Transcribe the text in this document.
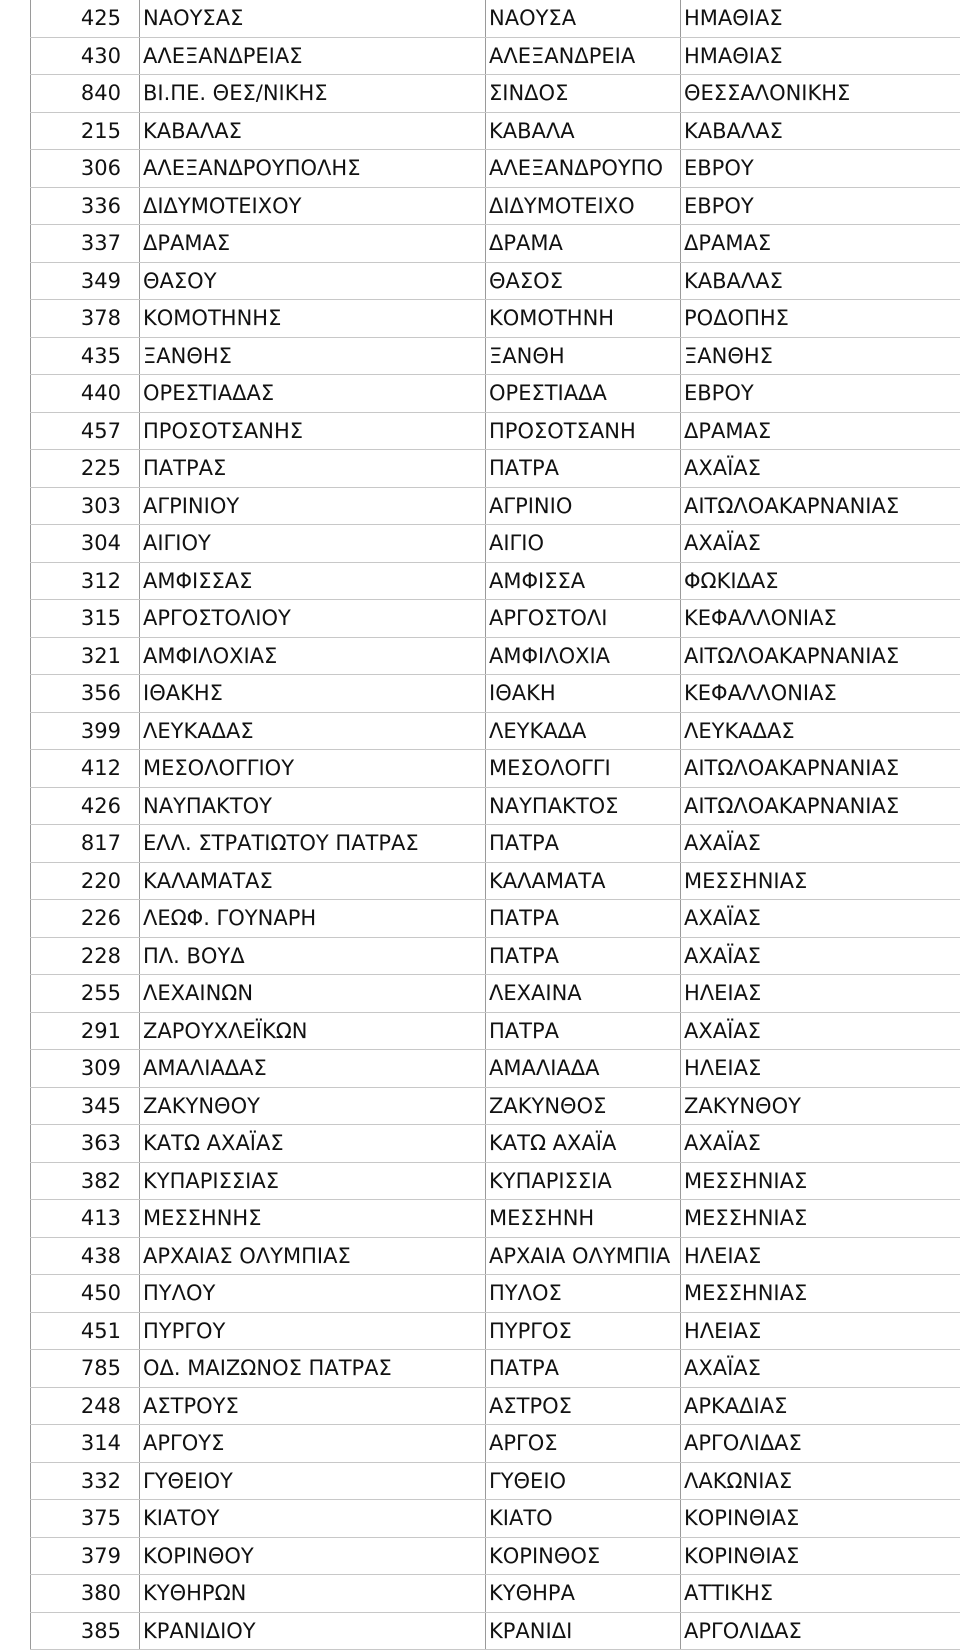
425	ΝΑΟΥΣΑΣ	ΝΑΟΥΣΑ	ΗΜΑΘΙΑΣ
430	ΑΛΕΞΑΝΔΡΕΙΑΣ	ΑΛΕΞΑΝΔΡΕΙΑ	ΗΜΑΘΙΑΣ
840	ΒΙ.ΠΕ. ΘΕΣ/ΝΙΚΗΣ	ΣΙΝΔΟΣ	ΘΕΣΣΑΛΟΝΙΚΗΣ
215	ΚΑΒΑΛΑΣ	ΚΑΒΑΛΑ	ΚΑΒΑΛΑΣ
306	ΑΛΕΞΑΝΔΡΟΥΠΟΛΗΣ	ΑΛΕΞΑΝΔΡΟΥΠΟ	ΕΒΡΟΥ
336	ΔΙΔΥΜΟΤΕΙΧΟΥ	ΔΙΔΥΜΟΤΕΙΧΟ	ΕΒΡΟΥ
337	ΔΡΑΜΑΣ	ΔΡΑΜΑ	ΔΡΑΜΑΣ
349	ΘΑΣΟΥ	ΘΑΣΟΣ	ΚΑΒΑΛΑΣ
378	ΚΟΜΟΤΗΝΗΣ	ΚΟΜΟΤΗΝΗ	ΡΟΔΟΠΗΣ
435	ΞΑΝΘΗΣ	ΞΑΝΘΗ	ΞΑΝΘΗΣ
440	ΟΡΕΣΤΙΑΔΑΣ	ΟΡΕΣΤΙΑΔΑ	ΕΒΡΟΥ
457	ΠΡΟΣΟΤΣΑΝΗΣ	ΠΡΟΣΟΤΣΑΝΗ	ΔΡΑΜΑΣ
225	ΠΑΤΡΑΣ	ΠΑΤΡΑ	ΑΧΑΪΑΣ
303	ΑΓΡΙΝΙΟΥ	ΑΓΡΙΝΙΟ	ΑΙΤΩΛΟΑΚΑΡΝΑΝΙΑΣ
304	ΑΙΓΙΟΥ	ΑΙΓΙΟ	ΑΧΑΪΑΣ
312	ΑΜΦΙΣΣΑΣ	ΑΜΦΙΣΣΑ	ΦΩΚΙΔΑΣ
315	ΑΡΓΟΣΤΟΛΙΟΥ	ΑΡΓΟΣΤΟΛΙ	ΚΕΦΑΛΛΟΝΙΑΣ
321	ΑΜΦΙΛΟΧΙΑΣ	ΑΜΦΙΛΟΧΙΑ	ΑΙΤΩΛΟΑΚΑΡΝΑΝΙΑΣ
356	ΙΘΑΚΗΣ	ΙΘΑΚΗ	ΚΕΦΑΛΛΟΝΙΑΣ
399	ΛΕΥΚΑΔΑΣ	ΛΕΥΚΑΔΑ	ΛΕΥΚΑΔΑΣ
412	ΜΕΣΟΛΟΓΓΙΟΥ	ΜΕΣΟΛΟΓΓΙ	ΑΙΤΩΛΟΑΚΑΡΝΑΝΙΑΣ
426	ΝΑΥΠΑΚΤΟΥ	ΝΑΥΠΑΚΤΟΣ	ΑΙΤΩΛΟΑΚΑΡΝΑΝΙΑΣ
817	ΕΛΛ. ΣΤΡΑΤΙΩΤΟΥ ΠΑΤΡΑΣ	ΠΑΤΡΑ	ΑΧΑΪΑΣ
220	ΚΑΛΑΜΑΤΑΣ	ΚΑΛΑΜΑΤΑ	ΜΕΣΣΗΝΙΑΣ
226	ΛΕΩΦ. ΓΟΥΝΑΡΗ	ΠΑΤΡΑ	ΑΧΑΪΑΣ
228	ΠΛ. ΒΟΥΔ	ΠΑΤΡΑ	ΑΧΑΪΑΣ
255	ΛΕΧΑΙΝΩΝ	ΛΕΧΑΙΝΑ	ΗΛΕΙΑΣ
291	ΖΑΡΟΥΧΛΕΪΚΩΝ	ΠΑΤΡΑ	ΑΧΑΪΑΣ
309	ΑΜΑΛΙΑΔΑΣ	ΑΜΑΛΙΑΔΑ	ΗΛΕΙΑΣ
345	ΖΑΚΥΝΘΟΥ	ΖΑΚΥΝΘΟΣ	ΖΑΚΥΝΘΟΥ
363	ΚΑΤΩ ΑΧΑΪΑΣ	ΚΑΤΩ ΑΧΑΪΑ	ΑΧΑΪΑΣ
382	ΚΥΠΑΡΙΣΣΙΑΣ	ΚΥΠΑΡΙΣΣΙΑ	ΜΕΣΣΗΝΙΑΣ
413	ΜΕΣΣΗΝΗΣ	ΜΕΣΣΗΝΗ	ΜΕΣΣΗΝΙΑΣ
438	ΑΡΧΑΙΑΣ ΟΛΥΜΠΙΑΣ	ΑΡΧΑΙΑ ΟΛΥΜΠΙΑ	ΗΛΕΙΑΣ
450	ΠΥΛΟΥ	ΠΥΛΟΣ	ΜΕΣΣΗΝΙΑΣ
451	ΠΥΡΓΟΥ	ΠΥΡΓΟΣ	ΗΛΕΙΑΣ
785	ΟΔ. ΜΑΙΖΩΝΟΣ ΠΑΤΡΑΣ	ΠΑΤΡΑ	ΑΧΑΪΑΣ
248	ΑΣΤΡΟΥΣ	ΑΣΤΡΟΣ	ΑΡΚΑΔΙΑΣ
314	ΑΡΓΟΥΣ	ΑΡΓΟΣ	ΑΡΓΟΛΙΔΑΣ
332	ΓΥΘΕΙΟΥ	ΓΥΘΕΙΟ	ΛΑΚΩΝΙΑΣ
375	ΚΙΑΤΟΥ	ΚΙΑΤΟ	ΚΟΡΙΝΘΙΑΣ
379	ΚΟΡΙΝΘΟΥ	ΚΟΡΙΝΘΟΣ	ΚΟΡΙΝΘΙΑΣ
380	ΚΥΘΗΡΩΝ	ΚΥΘΗΡΑ	ΑΤΤΙΚΗΣ
385	ΚΡΑΝΙΔΙΟΥ	ΚΡΑΝΙΔΙ	ΑΡΓΟΛΙΔΑΣ
